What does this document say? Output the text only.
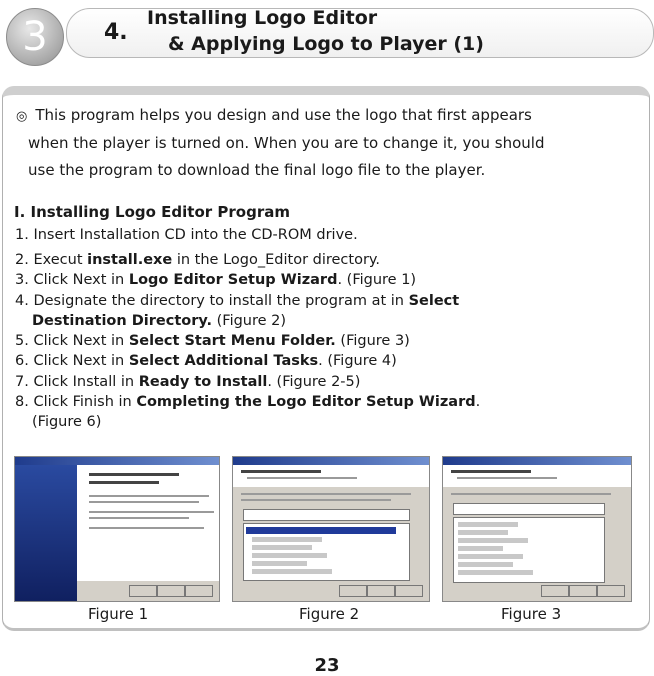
3	4.
Installing Logo Editor
& Applying Logo to Player (1)
◎ This program helps you design and use the logo that first appears
when the player is turned on. When you are to change it, you should
use the program to download the final logo file to the player.
I. Installing Logo Editor Program
1. Insert Installation CD into the CD-ROM drive.
2. Execut install.exe in the Logo_Editor directory.
3. Click Next in Logo Editor Setup Wizard. (Figure 1)
4. Designate the directory to install the program at in Select
Destination Directory. (Figure 2)
5. Click Next in Select Start Menu Folder. (Figure 3)
6. Click Next in Select Additional Tasks. (Figure 4)
7. Click Install in Ready to Install. (Figure 2-5)
8. Click Finish in Completing the Logo Editor Setup Wizard.
(Figure 6)
Figure 1	Figure 2	Figure 3
23
